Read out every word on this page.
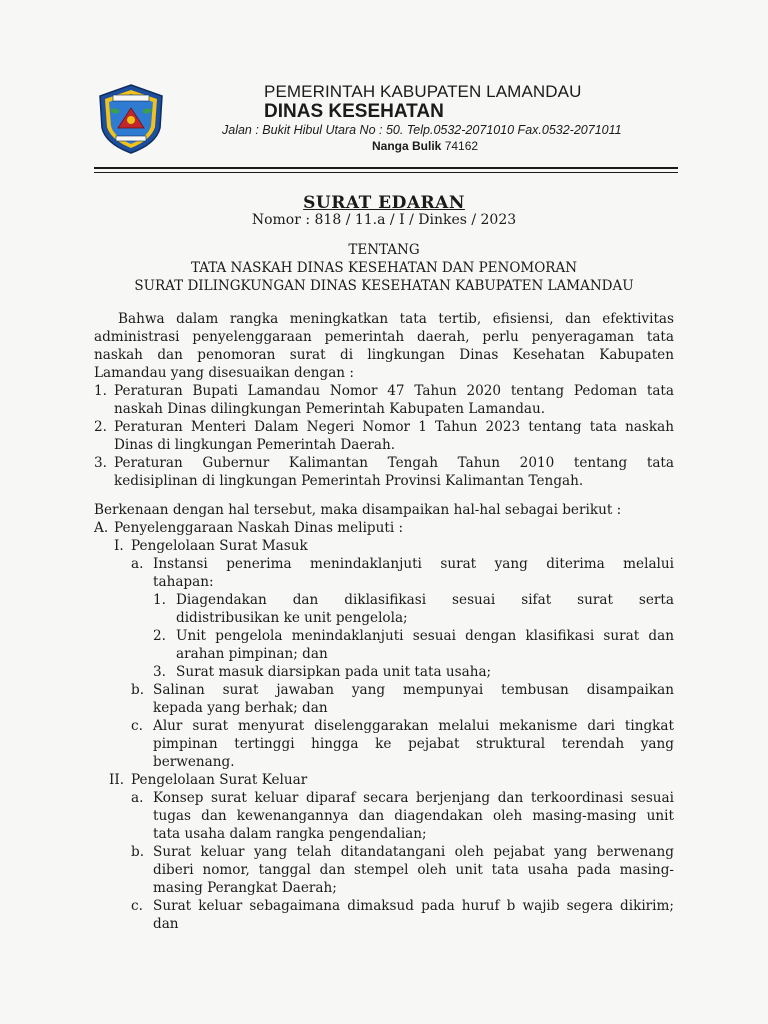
PEMERINTAH KABUPATEN LAMANDAU
DINAS KESEHATAN
Jalan : Bukit Hibul Utara No : 50. Telp.0532-2071010 Fax.0532-2071011
Nanga Bulik 74162
SURAT EDARAN
Nomor : 818 / 11.a / I / Dinkes / 2023
TENTANG
TATA NASKAH DINAS KESEHATAN DAN PENOMORAN
SURAT DILINGKUNGAN DINAS KESEHATAN KABUPATEN LAMANDAU
Bahwa dalam rangka meningkatkan tata tertib, efisiensi, dan efektivitas
administrasi penyelenggaraan pemerintah daerah, perlu penyeragaman tata
naskah dan penomoran surat di lingkungan Dinas Kesehatan Kabupaten
Lamandau yang disesuaikan dengan :
1. Peraturan Bupati Lamandau Nomor 47 Tahun 2020 tentang Pedoman tata
naskah Dinas dilingkungan Pemerintah Kabupaten Lamandau.
2. Peraturan Menteri Dalam Negeri Nomor 1 Tahun 2023 tentang tata naskah
Dinas di lingkungan Pemerintah Daerah.
3. Peraturan Gubernur Kalimantan Tengah Tahun 2010 tentang tata
kedisiplinan di lingkungan Pemerintah Provinsi Kalimantan Tengah.
Berkenaan dengan hal tersebut, maka disampaikan hal-hal sebagai berikut :
A. Penyelenggaraan Naskah Dinas meliputi :
I. Pengelolaan Surat Masuk
a. Instansi penerima menindaklanjuti surat yang diterima melalui
tahapan:
1. Diagendakan dan diklasifikasi sesuai sifat surat serta
didistribusikan ke unit pengelola;
2. Unit pengelola menindaklanjuti sesuai dengan klasifikasi surat dan
arahan pimpinan; dan
3. Surat masuk diarsipkan pada unit tata usaha;
b. Salinan surat jawaban yang mempunyai tembusan disampaikan
kepada yang berhak; dan
c. Alur surat menyurat diselenggarakan melalui mekanisme dari tingkat
pimpinan tertinggi hingga ke pejabat struktural terendah yang
berwenang.
II. Pengelolaan Surat Keluar
a. Konsep surat keluar diparaf secara berjenjang dan terkoordinasi sesuai
tugas dan kewenangannya dan diagendakan oleh masing-masing unit
tata usaha dalam rangka pengendalian;
b. Surat keluar yang telah ditandatangani oleh pejabat yang berwenang
diberi nomor, tanggal dan stempel oleh unit tata usaha pada masing-
masing Perangkat Daerah;
c. Surat keluar sebagaimana dimaksud pada huruf b wajib segera dikirim;
dan
